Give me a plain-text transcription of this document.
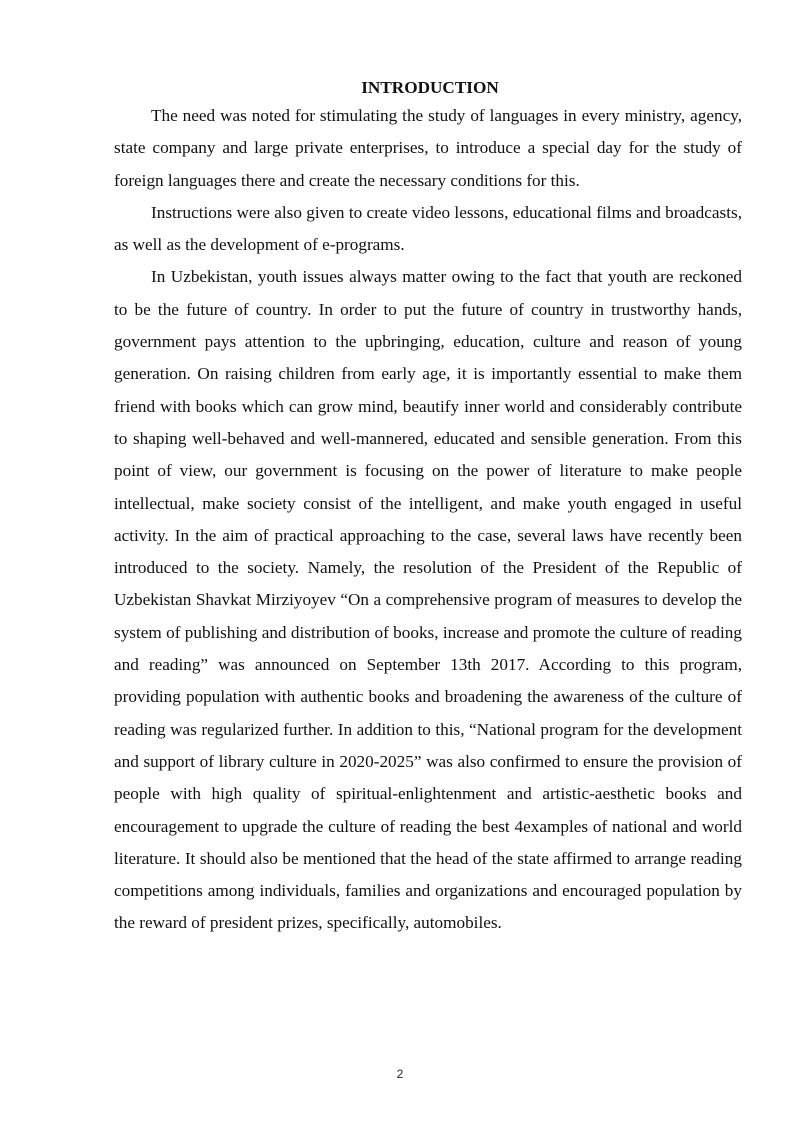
INTRODUCTION

The need was noted for stimulating the study of languages in every ministry, agency, state company and large private enterprises, to introduce a special day for the study of foreign languages there and create the necessary conditions for this.

Instructions were also given to create video lessons, educational films and broadcasts, as well as the development of e-programs.

In Uzbekistan, youth issues always matter owing to the fact that youth are reckoned to be the future of country. In order to put the future of country in trustworthy hands, government pays attention to the upbringing, education, culture and reason of young generation. On raising children from early age, it is importantly essential to make them friend with books which can grow mind, beautify inner world and considerably contribute to shaping well-behaved and well-mannered, educated and sensible generation. From this point of view, our government is focusing on the power of literature to make people intellectual, make society consist of the intelligent, and make youth engaged in useful activity. In the aim of practical approaching to the case, several laws have recently been introduced to the society. Namely, the resolution of the President of the Republic of Uzbekistan Shavkat Mirziyoyev “On a comprehensive program of measures to develop the system of publishing and distribution of books, increase and promote the culture of reading and reading” was announced on September 13th 2017. According to this program, providing population with authentic books and broadening the awareness of the culture of reading was regularized further. In addition to this, “National program for the development and support of library culture in 2020-2025” was also confirmed to ensure the provision of people with high quality of spiritual-enlightenment and artistic-aesthetic books and encouragement to upgrade the culture of reading the best 4examples of national and world literature. It should also be mentioned that the head of the state affirmed to arrange reading competitions among individuals, families and organizations and encouraged population by the reward of president prizes, specifically, automobiles.

2
